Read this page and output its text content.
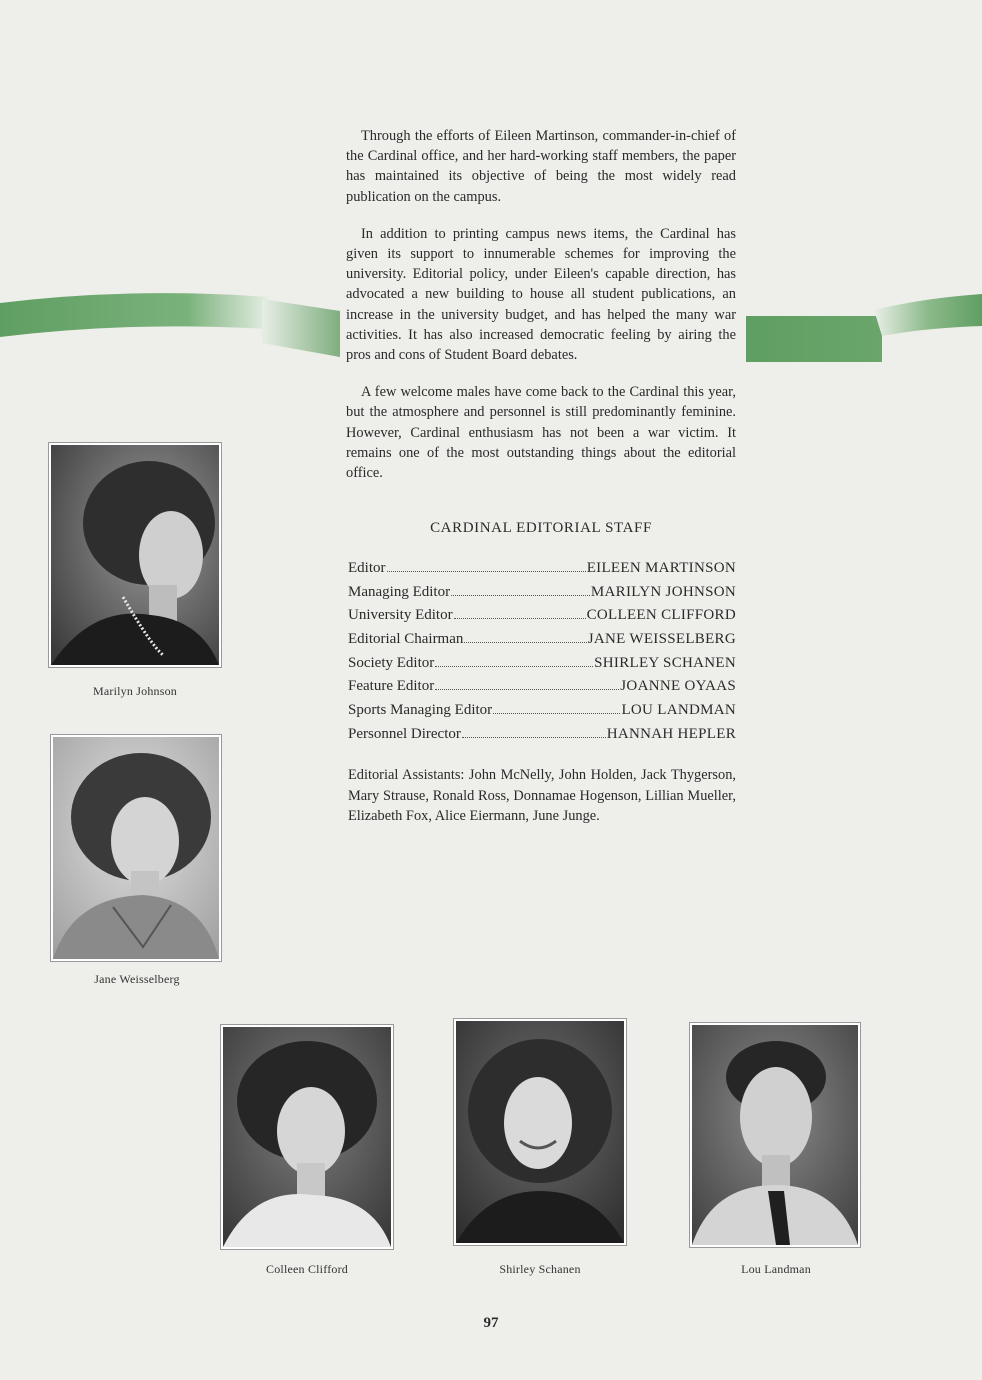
Through the efforts of Eileen Martinson, commander-in-chief of the Cardinal office, and her hard-working staff members, the paper has maintained its objective of being the most widely read publication on the campus.

In addition to printing campus news items, the Cardinal has given its support to innumerable schemes for improving the university. Editorial policy, under Eileen's capable direction, has advocated a new building to house all student publications, an increase in the university budget, and has helped the many war activities. It has also increased democratic feeling by airing the pros and cons of Student Board debates.

A few welcome males have come back to the Cardinal this year, but the atmosphere and personnel is still predominantly feminine. However, Cardinal enthusiasm has not been a war victim. It remains one of the most outstanding things about the editorial office.

CARDINAL EDITORIAL STAFF
Editor	EILEEN MARTINSON
Managing Editor	MARILYN JOHNSON
University Editor	COLLEEN CLIFFORD
Editorial Chairman	JANE WEISSELBERG
Society Editor	SHIRLEY SCHANEN
Feature Editor	JOANNE OYAAS
Sports Managing Editor	LOU LANDMAN
Personnel Director	HANNAH HEPLER
Editorial Assistants: John McNelly, John Holden, Jack Thygerson, Mary Strause, Ronald Ross, Donnamae Hogenson, Lillian Mueller, Elizabeth Fox, Alice Eiermann, June Junge.
Marilyn Johnson
Jane Weisselberg
Colleen Clifford	Shirley Schanen	Lou Landman
97
